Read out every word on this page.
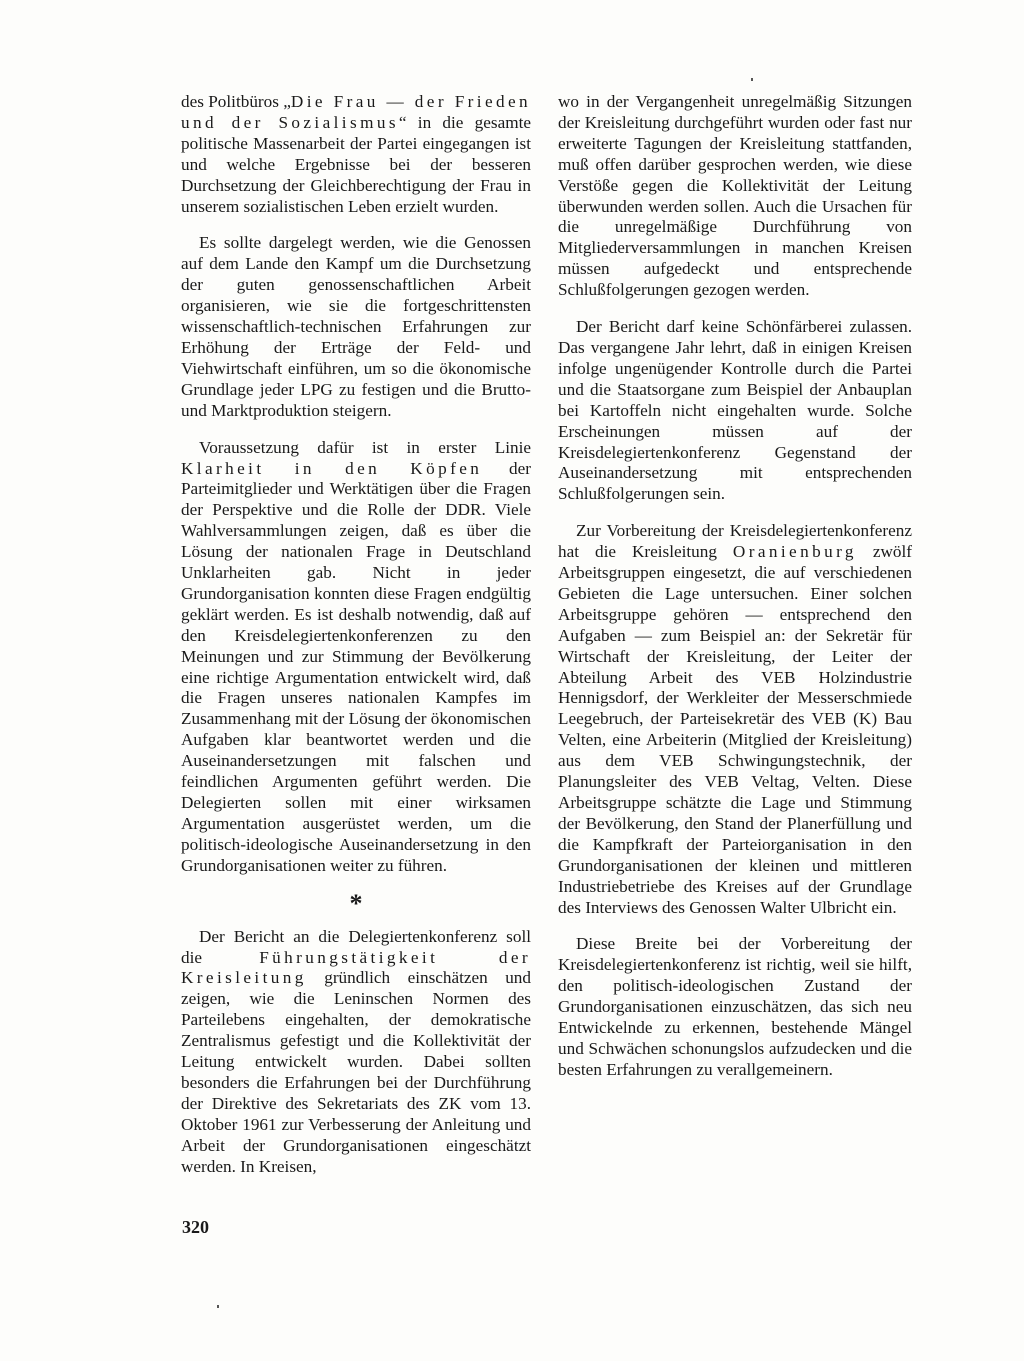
des Politbüros „Die Frau — der Frieden und der Sozialismus“ in die gesamte politische Massenarbeit der Partei eingegangen ist und welche Ergebnisse bei der besseren Durchsetzung der Gleichberechtigung der Frau in unserem sozialistischen Leben erzielt wurden.

Es sollte dargelegt werden, wie die Genossen auf dem Lande den Kampf um die Durchsetzung der guten genossenschaftlichen Arbeit organisieren, wie sie die fortgeschrittensten wissenschaftlich-technischen Erfahrungen zur Erhöhung der Erträge der Feld- und Viehwirtschaft einführen, um so die ökonomische Grundlage jeder LPG zu festigen und die Brutto- und Marktproduktion steigern.

Voraussetzung dafür ist in erster Linie Klarheit in den Köpfen der Parteimitglieder und Werktätigen über die Fragen der Perspektive und die Rolle der DDR. Viele Wahlversammlungen zeigen, daß es über die Lösung der nationalen Frage in Deutschland Unklarheiten gab. Nicht in jeder Grundorganisation konnten diese Fragen endgültig geklärt werden. Es ist deshalb notwendig, daß auf den Kreisdelegiertenkonferenzen zu den Meinungen und zur Stimmung der Bevölkerung eine richtige Argumentation entwickelt wird, daß die Fragen unseres nationalen Kampfes im Zusammenhang mit der Lösung der ökonomischen Aufgaben klar beantwortet werden und die Auseinandersetzungen mit falschen und feindlichen Argumenten geführt werden. Die Delegierten sollen mit einer wirksamen Argumentation ausgerüstet werden, um die politisch-ideologische Auseinandersetzung in den Grundorganisationen weiter zu führen.

*

Der Bericht an die Delegiertenkonferenz soll die Führungstätigkeit der Kreisleitung gründlich einschätzen und zeigen, wie die Leninschen Normen des Parteilebens eingehalten, der demokratische Zentralismus gefestigt und die Kollektivität der Leitung entwickelt wurden. Dabei sollten besonders die Erfahrungen bei der Durchführung der Direktive des Sekretariats des ZK vom 13. Oktober 1961 zur Verbesserung der Anleitung und Arbeit der Grundorganisationen eingeschätzt werden. In Kreisen,

wo in der Vergangenheit unregelmäßig Sitzungen der Kreisleitung durchgeführt wurden oder fast nur erweiterte Tagungen der Kreisleitung stattfanden, muß offen darüber gesprochen werden, wie diese Verstöße gegen die Kollektivität der Leitung überwunden werden sollen. Auch die Ursachen für die unregelmäßige Durchführung von Mitgliederversammlungen in manchen Kreisen müssen aufgedeckt und entsprechende Schlußfolgerungen gezogen werden.

Der Bericht darf keine Schönfärberei zulassen. Das vergangene Jahr lehrt, daß in einigen Kreisen infolge ungenügender Kontrolle durch die Partei und die Staatsorgane zum Beispiel der Anbauplan bei Kartoffeln nicht eingehalten wurde. Solche Erscheinungen müssen auf der Kreisdelegiertenkonferenz Gegenstand der Auseinandersetzung mit entsprechenden Schlußfolgerungen sein.

Zur Vorbereitung der Kreisdelegiertenkonferenz hat die Kreisleitung Oranienburg zwölf Arbeitsgruppen eingesetzt, die auf verschiedenen Gebieten die Lage untersuchen. Einer solchen Arbeitsgruppe gehören — entsprechend den Aufgaben — zum Beispiel an: der Sekretär für Wirtschaft der Kreisleitung, der Leiter der Abteilung Arbeit des VEB Holzindustrie Hennigsdorf, der Werkleiter der Messerschmiede Leegebruch, der Parteisekretär des VEB (K) Bau Velten, eine Arbeiterin (Mitglied der Kreisleitung) aus dem VEB Schwingungstechnik, der Planungsleiter des VEB Veltag, Velten. Diese Arbeitsgruppe schätzte die Lage und Stimmung der Bevölkerung, den Stand der Planerfüllung und die Kampfkraft der Parteiorganisation in den Grundorganisationen der kleinen und mittleren Industriebetriebe des Kreises auf der Grundlage des Interviews des Genossen Walter Ulbricht ein.

Diese Breite bei der Vorbereitung der Kreisdelegiertenkonferenz ist richtig, weil sie hilft, den politisch-ideologischen Zustand der Grundorganisationen einzuschätzen, das sich neu Entwickelnde zu erkennen, bestehende Mängel und Schwächen schonungslos aufzudecken und die besten Erfahrungen zu verallgemeinern.

320
